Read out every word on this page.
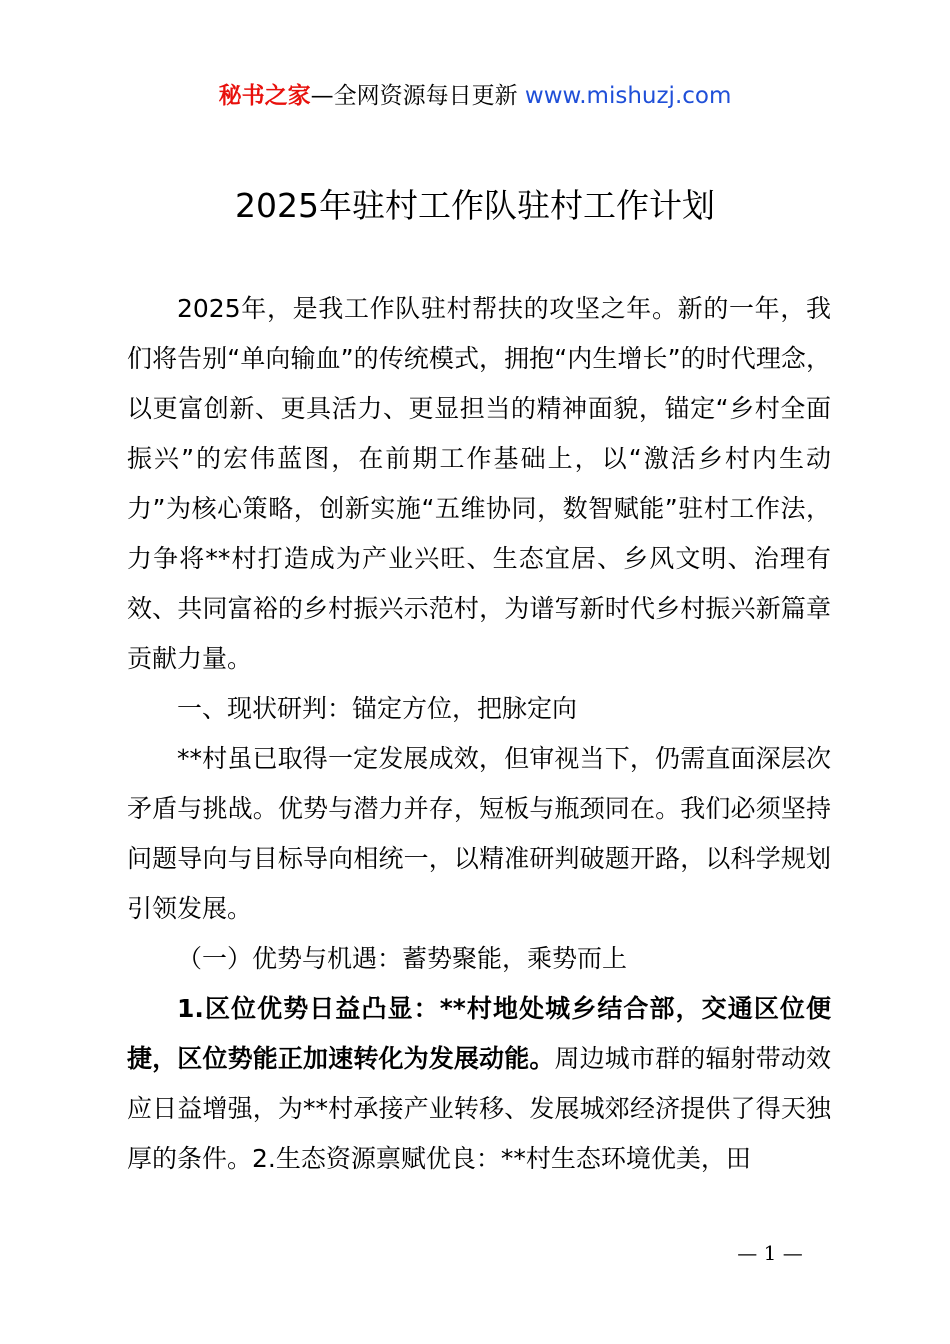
秘书之家—全网资源每日更新 www.mishuzj.com
2025年驻村工作队驻村工作计划

2025年，是我工作队驻村帮扶的攻坚之年。新的一年，我们将告别“单向输血”的传统模式，拥抱“内生增长”的时代理念，以更富创新、更具活力、更显担当的精神面貌，锚定“乡村全面振兴”的宏伟蓝图，在前期工作基础上，以“激活乡村内生动力”为核心策略，创新实施“五维协同，数智赋能”驻村工作法，力争将**村打造成为产业兴旺、生态宜居、乡风文明、治理有效、共同富裕的乡村振兴示范村，为谱写新时代乡村振兴新篇章贡献力量。

一、现状研判：锚定方位，把脉定向

**村虽已取得一定发展成效，但审视当下，仍需直面深层次矛盾与挑战。优势与潜力并存，短板与瓶颈同在。我们必须坚持问题导向与目标导向相统一，以精准研判破题开路，以科学规划引领发展。

（一）优势与机遇：蓄势聚能，乘势而上

1.区位优势日益凸显：**村地处城乡结合部，交通区位便捷，区位势能正加速转化为发展动能。周边城市群的辐射带动效应日益增强，为**村承接产业转移、发展城郊经济提供了得天独厚的条件。2.生态资源禀赋优良：**村生态环境优美，田

— 1 —
